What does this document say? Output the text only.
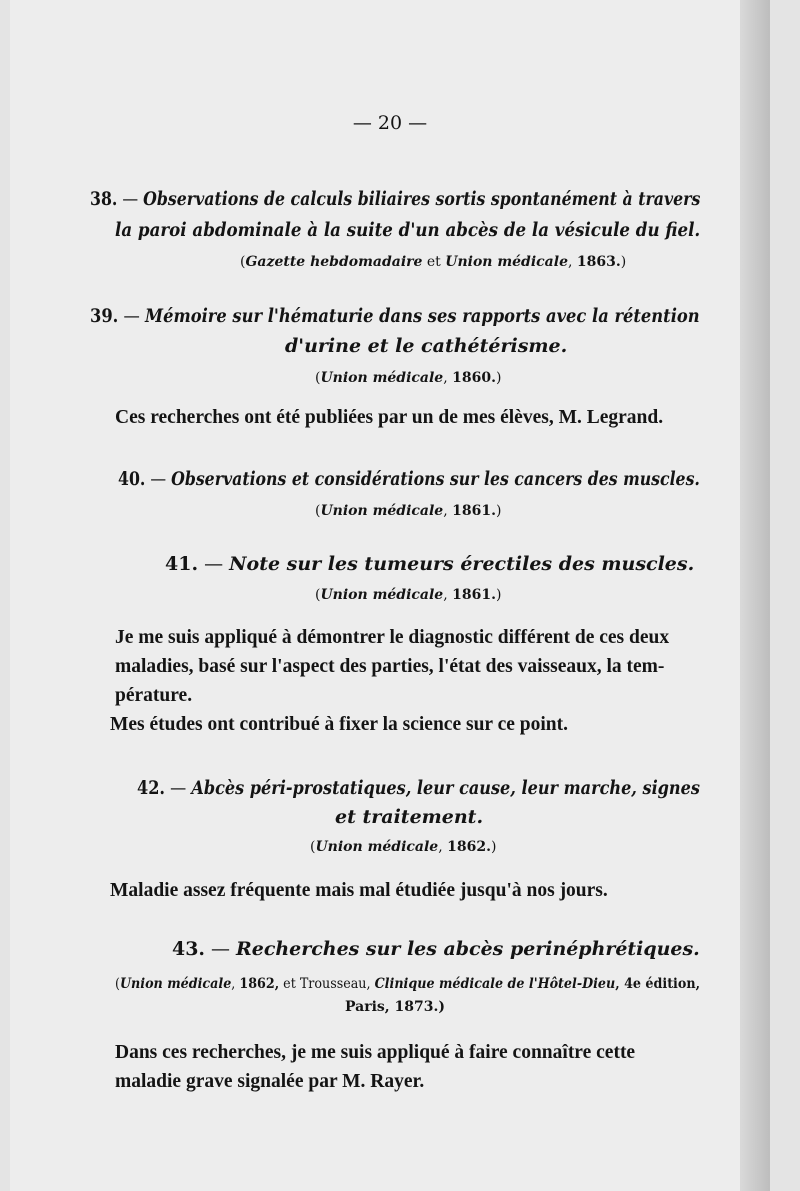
— 20 —
38. — Observations de calculs biliaires sortis spontanément à travers
la paroi abdominale à la suite d'un abcès de la vésicule du fiel.
(Gazette hebdomadaire et Union médicale, 1863.)
39. — Mémoire sur l'hématurie dans ses rapports avec la rétention
d'urine et le cathétérisme.
(Union médicale, 1860.)
Ces recherches ont été publiées par un de mes élèves, M. Legrand.
40. — Observations et considérations sur les cancers des muscles.
(Union médicale, 1861.)
41. — Note sur les tumeurs érectiles des muscles.
(Union médicale, 1861.)
Je me suis appliqué à démontrer le diagnostic différent de ces deux
maladies, basé sur l'aspect des parties, l'état des vaisseaux, la tem-
pérature.
Mes études ont contribué à fixer la science sur ce point.
42. — Abcès péri-prostatiques, leur cause, leur marche, signes
et traitement.
(Union médicale, 1862.)
Maladie assez fréquente mais mal étudiée jusqu'à nos jours.
43. — Recherches sur les abcès perinéphrétiques.
(Union médicale, 1862, et Trousseau, Clinique médicale de l'Hôtel-Dieu, 4e édition,
Paris, 1873.)
Dans ces recherches, je me suis appliqué à faire connaître cette
maladie grave signalée par M. Rayer.
